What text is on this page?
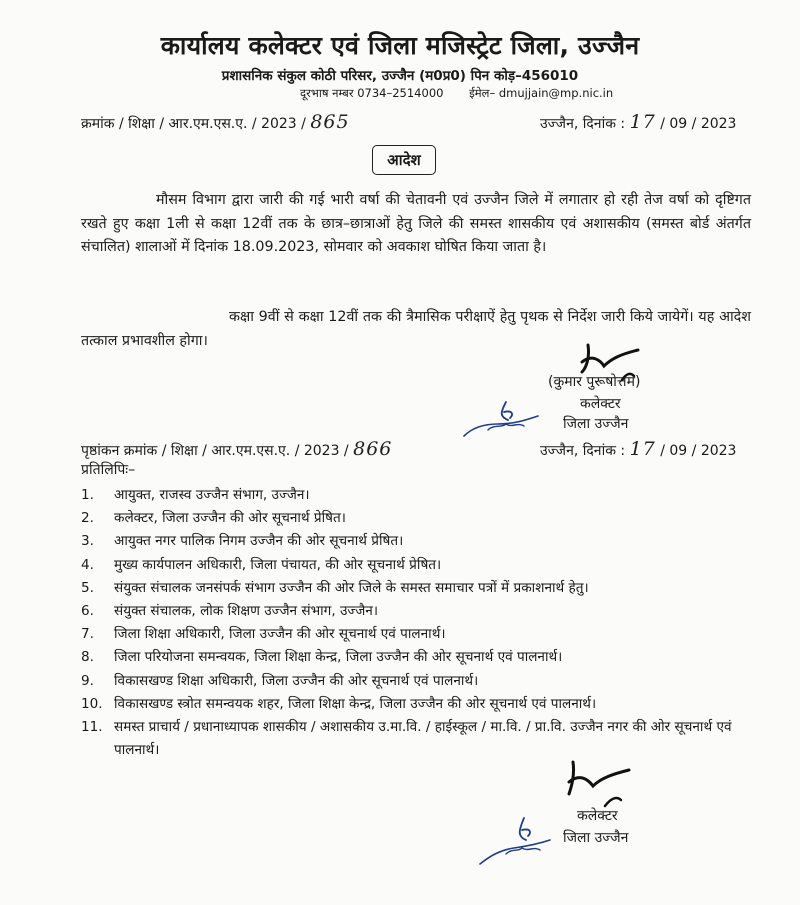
कार्यालय कलेक्टर एवं जिला मजिस्ट्रेट जिला, उज्जैन
प्रशासनिक संकुल कोठी परिसर, उज्जैन (म0प्र0) पिन कोड़–456010
दूरभाष नम्बर 0734–2514000 ईमेल– dmujjain@mp.nic.in
क्रमांक / शिक्षा / आर.एम.एस.ए. / 2023 / 865	उज्जैन, दिनांक : 17 / 09 / 2023
आदेश
मौसम विभाग द्वारा जारी की गई भारी वर्षा की चेतावनी एवं उज्जैन जिले में लगातार हो रही तेज वर्षा को दृष्टिगत रखते हुए कक्षा 1ली से कक्षा 12वीं तक के छात्र–छात्राओं हेतु जिले की समस्त शासकीय एवं अशासकीय (समस्त बोर्ड अंतर्गत संचालित) शालाओं में दिनांक 18.09.2023, सोमवार को अवकाश घोषित किया जाता है।
कक्षा 9वीं से कक्षा 12वीं तक की त्रैमासिक परीक्षाऐं हेतु पृथक से निर्देश जारी किये जायेगें। यह आदेश तत्काल प्रभावशील होगा।
(कुमार पुरूषोत्तम)
कलेक्टर
जिला उज्जैन
पृष्ठांकन क्रमांक / शिक्षा / आर.एम.एस.ए. / 2023 / 866	उज्जैन, दिनांक : 17 / 09 / 2023
प्रतिलिपिः–
1.	आयुक्त, राजस्व उज्जैन संभाग, उज्जैन।
2.	कलेक्टर, जिला उज्जैन की ओर सूचनार्थ प्रेषित।
3.	आयुक्त नगर पालिक निगम उज्जैन की ओर सूचनार्थ प्रेषित।
4.	मुख्य कार्यपालन अधिकारी, जिला पंचायत, की ओर सूचनार्थ प्रेषित।
5.	संयुक्त संचालक जनसंपर्क संभाग उज्जैन की ओर जिले के समस्त समाचार पत्रों में प्रकाशनार्थ हेतु।
6.	संयुक्त संचालक, लोक शिक्षण उज्जैन संभाग, उज्जैन।
7.	जिला शिक्षा अधिकारी, जिला उज्जैन की ओर सूचनार्थ एवं पालनार्थ।
8.	जिला परियोजना समन्वयक, जिला शिक्षा केन्द्र, जिला उज्जैन की ओर सूचनार्थ एवं पालनार्थ।
9.	विकासखण्ड शिक्षा अधिकारी, जिला उज्जैन की ओर सूचनार्थ एवं पालनार्थ।
10. विकासखण्ड स्त्रोत समन्वयक शहर, जिला शिक्षा केन्द्र, जिला उज्जैन की ओर सूचनार्थ एवं पालनार्थ।
11. समस्त प्राचार्य / प्रधानाध्यापक शासकीय / अशासकीय उ.मा.वि. / हाईस्कूल / मा.वि. / प्रा.वि. उज्जैन नगर की ओर सूचनार्थ एवं पालनार्थ।
कलेक्टर
जिला उज्जैन
